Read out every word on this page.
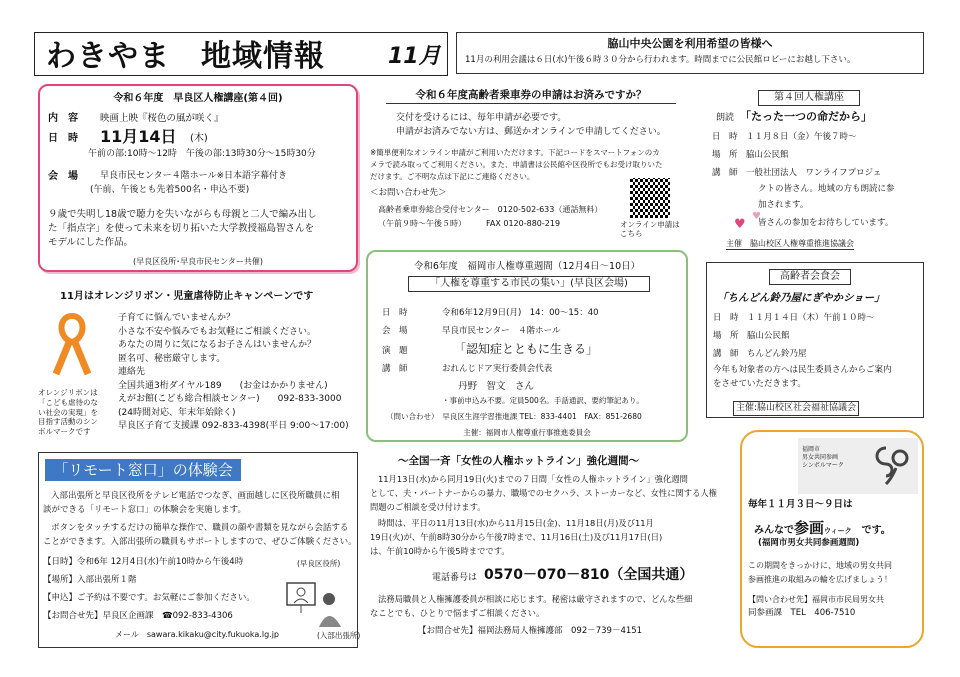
わきやま　地域情報	11月
脇山中央公園を利用希望の皆様へ
11月の利用会議は６日(水)午後６時３０分から行われます。時間までに公民館ロビーにお越し下さい。
令和６年度　早良区人権講座(第４回)
内　容 映画上映『桜色の風が咲く』
日　時 11月14日 (木)
午前の部:10時～12時　午後の部:13時30分～15時30分
会　場 早良市民センター４階ホール※日本語字幕付き
(午前、午後とも先着500名・申込不要)
９歳で失明し18歳で聴力を失いながらも母親と二人で編み出し
た「指点字」を使って未来を切り拓いた大学教授福島智さんを
モデルにした作品。
(早良区役所･早良市民センター共催)
11月はオレンジリボン・児童虐待防止キャンペーンです
オレンジリボンは
「こども虐待のな
い社会の実現」を
目指す活動のシン
ボルマークです
子育てに悩んでいませんか？
小さな不安や悩みでもお気軽にご相談ください。
あなたの周りに気になるお子さんはいませんか？
匿名可、秘密厳守します。
連絡先
全国共通3桁ダイヤル189　　(お金はかかりません)
えがお館(こども総合相談センター)　　092-833-3000
(24時間対応、年末年始除く)
早良区子育て支援課 092-833-4398(平日 9:00～17:00)
「リモート窓口」の体験会
入部出張所と早良区役所をテレビ電話でつなぎ、画面越しに区役所職員に相
談ができる「リモート窓口」の体験会を実施します。
ボタンをタッチするだけの簡単な操作で、職員の顔や書類を見ながら会話する
ことができます。入部出張所の職員もサポートしますので、ぜひご体験ください。
【日時】令和6年 12月4日(水)午前10時から午後4時	(早良区役所)
【場所】入部出張所１階
【申込】ご予約は不要です。お気軽にご参加ください。
【お問合せ先】早良区企画課　☎092-833-4306
メール　sawara.kikaku@city.fukuoka.lg.jp	(入部出張所)
令和６年度高齢者乗車券の申請はお済みですか？
交付を受けるには、毎年申請が必要です。
申請がお済みでない方は、郵送かオンラインで申請してください。
※簡単便利なオンライン申請がご利用いただけます。下記コードをスマートフォンのカ
メラで読み取ってご利用ください。また、申請書は公民館や区役所でもお受け取りいた
だけます。ご不明な点は下記にご連絡ください。
＜お問い合わせ先＞
高齢者乗車券総合受付センター　0120-502-633（通話無料）
（午前９時～午後５時）　　　FAX 0120-880-219	オンライン申請は
こちら
令和6年度　福岡市人権尊重週間（12月4日～10日）
「人権を尊重する市民の集い」(早良区会場)
日　時	令和6年12月9日(月)　14：00～15：40
会　場	早良市民センター　４階ホール
演　題	「認知症とともに生きる」
講　師	おれんじドア実行委員会代表
丹野　智文　さん
・事前申込み不要。定員500名。手話通訳、要約筆記あり。
（問い合わせ）　早良区生涯学習推進課 TEL：833-4401　FAX：851-2680
主催：福岡市人権尊重行事推進委員会
～全国一斉「女性の人権ホットライン」強化週間～
11月13日(水)から同月19日(火)までの７日間「女性の人権ホットライン」強化週間
として、夫・パートナーからの暴力、職場でのセクハラ、ストーカーなど、女性に関する人権
問題のご相談を受け付けます。
時間は、平日の11月13日(水)から11月15日(金)、11月18日(月)及び11月
19日(火)が、午前8時30分から午後7時まで、11月16日(土)及び11月17日(日)
は、午前10時から午後5時までです。
電話番号は 0570－070－810（全国共通）
法務局職員と人権擁護委員が相談に応じます。秘密は厳守されますので、どんな些細
なことでも、ひとりで悩まずご相談ください。
【お問合せ先】福岡法務局人権擁護部　092－739－4151
第４回人権講座
朗読 「たった一つの命だから」
日　時　１１月８日（金）午後７時～
場　所　脇山公民館
講　師　一般社団法人　ワンライフプロジェ
クトの皆さん。地域の方も朗読に参
加されます。
♥
♥
皆さんの参加をお待ちしています。
主催　脇山校区人権尊重推進協議会
高齢者会食会
「ちんどん鈴乃屋にぎやかショー」
日　時　１１月１４日（木）午前１０時～
場　所　脇山公民館
講　師　ちんどん鈴乃屋
今年も対象者の方へは民生委員さんからご案内
をさせていただきます。
主催:脇山校区社会福祉協議会
福岡市
男女共同参画
シンボルマーク
毎年１１月３日～９日は
みんなで参画ウィーク　 です。
(福岡市男女共同参画週間)
この期間をきっかけに、地域の男女共同
参画推進の取組みの輪を広げましょう！
【問い合わせ先】福岡市市民局男女共
同参画課　TEL　406-7510
